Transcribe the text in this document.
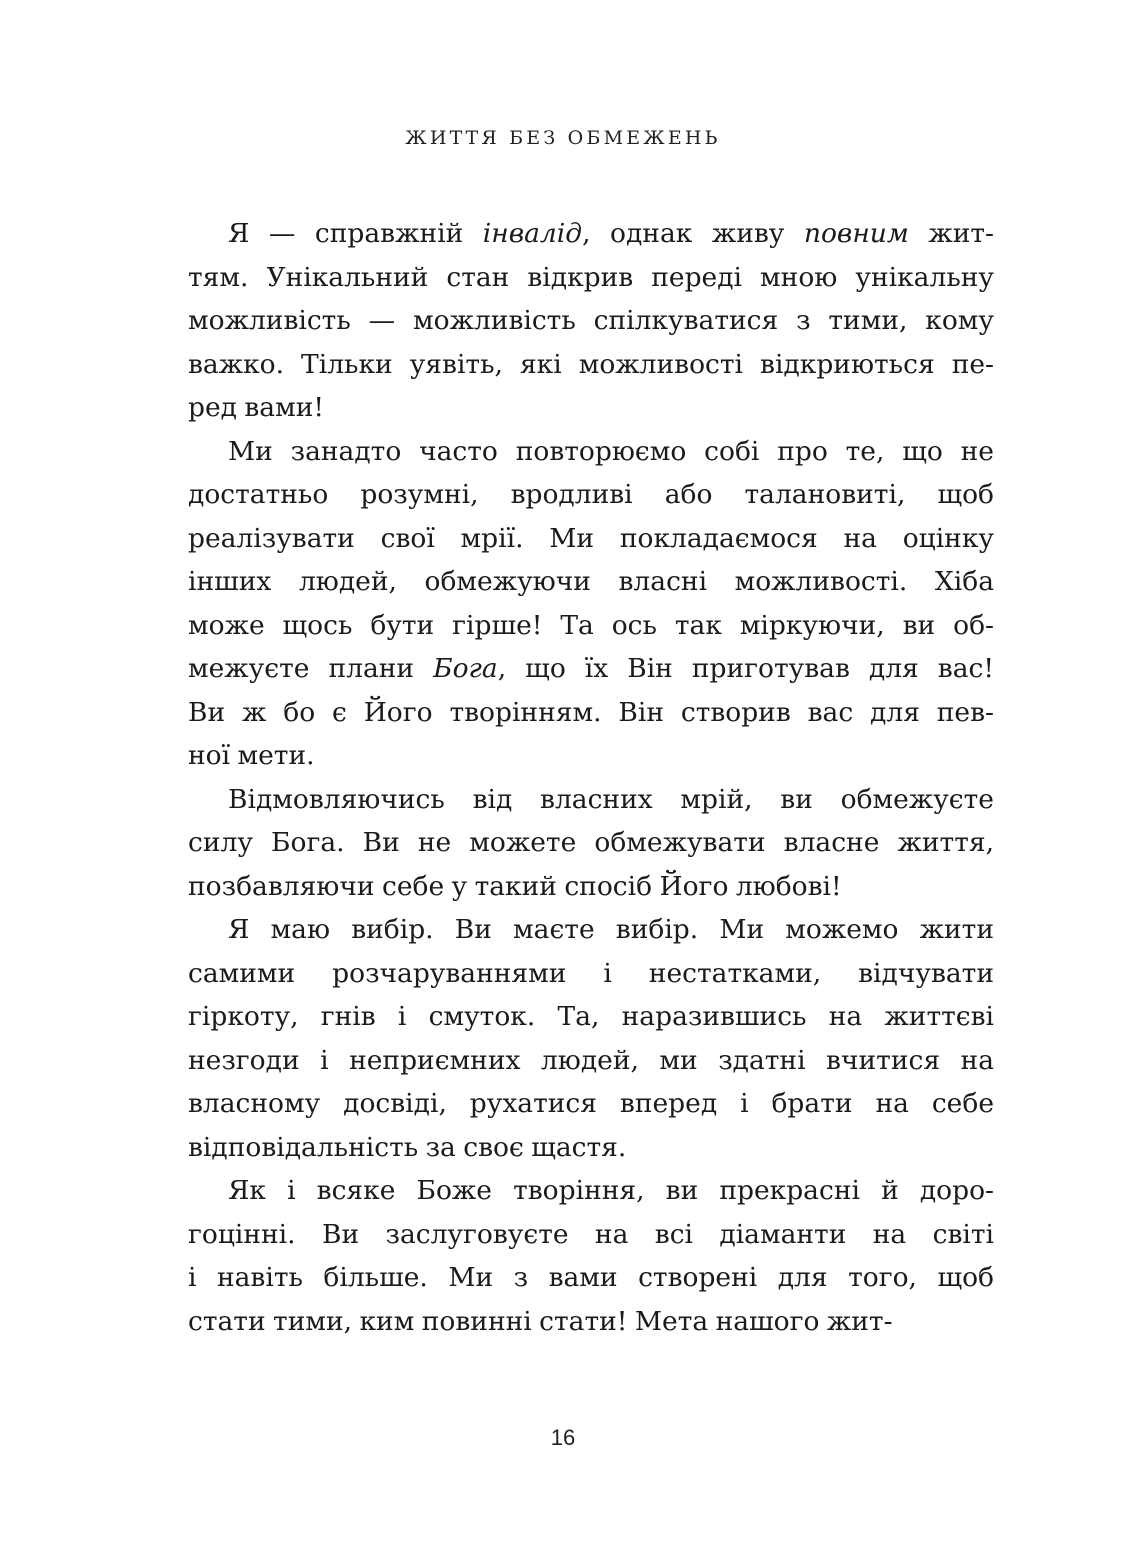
ЖИТТЯ БЕЗ ОБМЕЖЕНЬ
Я — справжній інвалід, однак живу повним жит-
тям. Унікальний стан відкрив переді мною унікальну
можливість — можливість спілкуватися з тими, кому
важко. Тільки уявіть, які можливості відкриються пе-
ред вами!
Ми занадто часто повторюємо собі про те, що не
достатньо розумні, вродливі або талановиті, щоб
реалізувати свої мрії. Ми покладаємося на оцінку
інших людей, обмежуючи власні можливості. Хіба
може щось бути гірше! Та ось так міркуючи, ви об-
межуєте плани Бога, що їх Він приготував для вас!
Ви ж бо є Його творінням. Він створив вас для пев-
ної мети.
Відмовляючись від власних мрій, ви обмежуєте
силу Бога. Ви не можете обмежувати власне життя,
позбавляючи себе у такий спосіб Його любові!
Я маю вибір. Ви маєте вибір. Ми можемо жити
самими розчаруваннями і нестатками, відчувати
гіркоту, гнів і смуток. Та, наразившись на життєві
незгоди і неприємних людей, ми здатні вчитися на
власному досвіді, рухатися вперед і брати на себе
відповідальність за своє щастя.
Як і всяке Боже творіння, ви прекрасні й доро-
гоцінні. Ви заслуговуєте на всі діаманти на світі
і навіть більше. Ми з вами створені для того, щоб
стати тими, ким повинні стати! Мета нашого жит-
16
